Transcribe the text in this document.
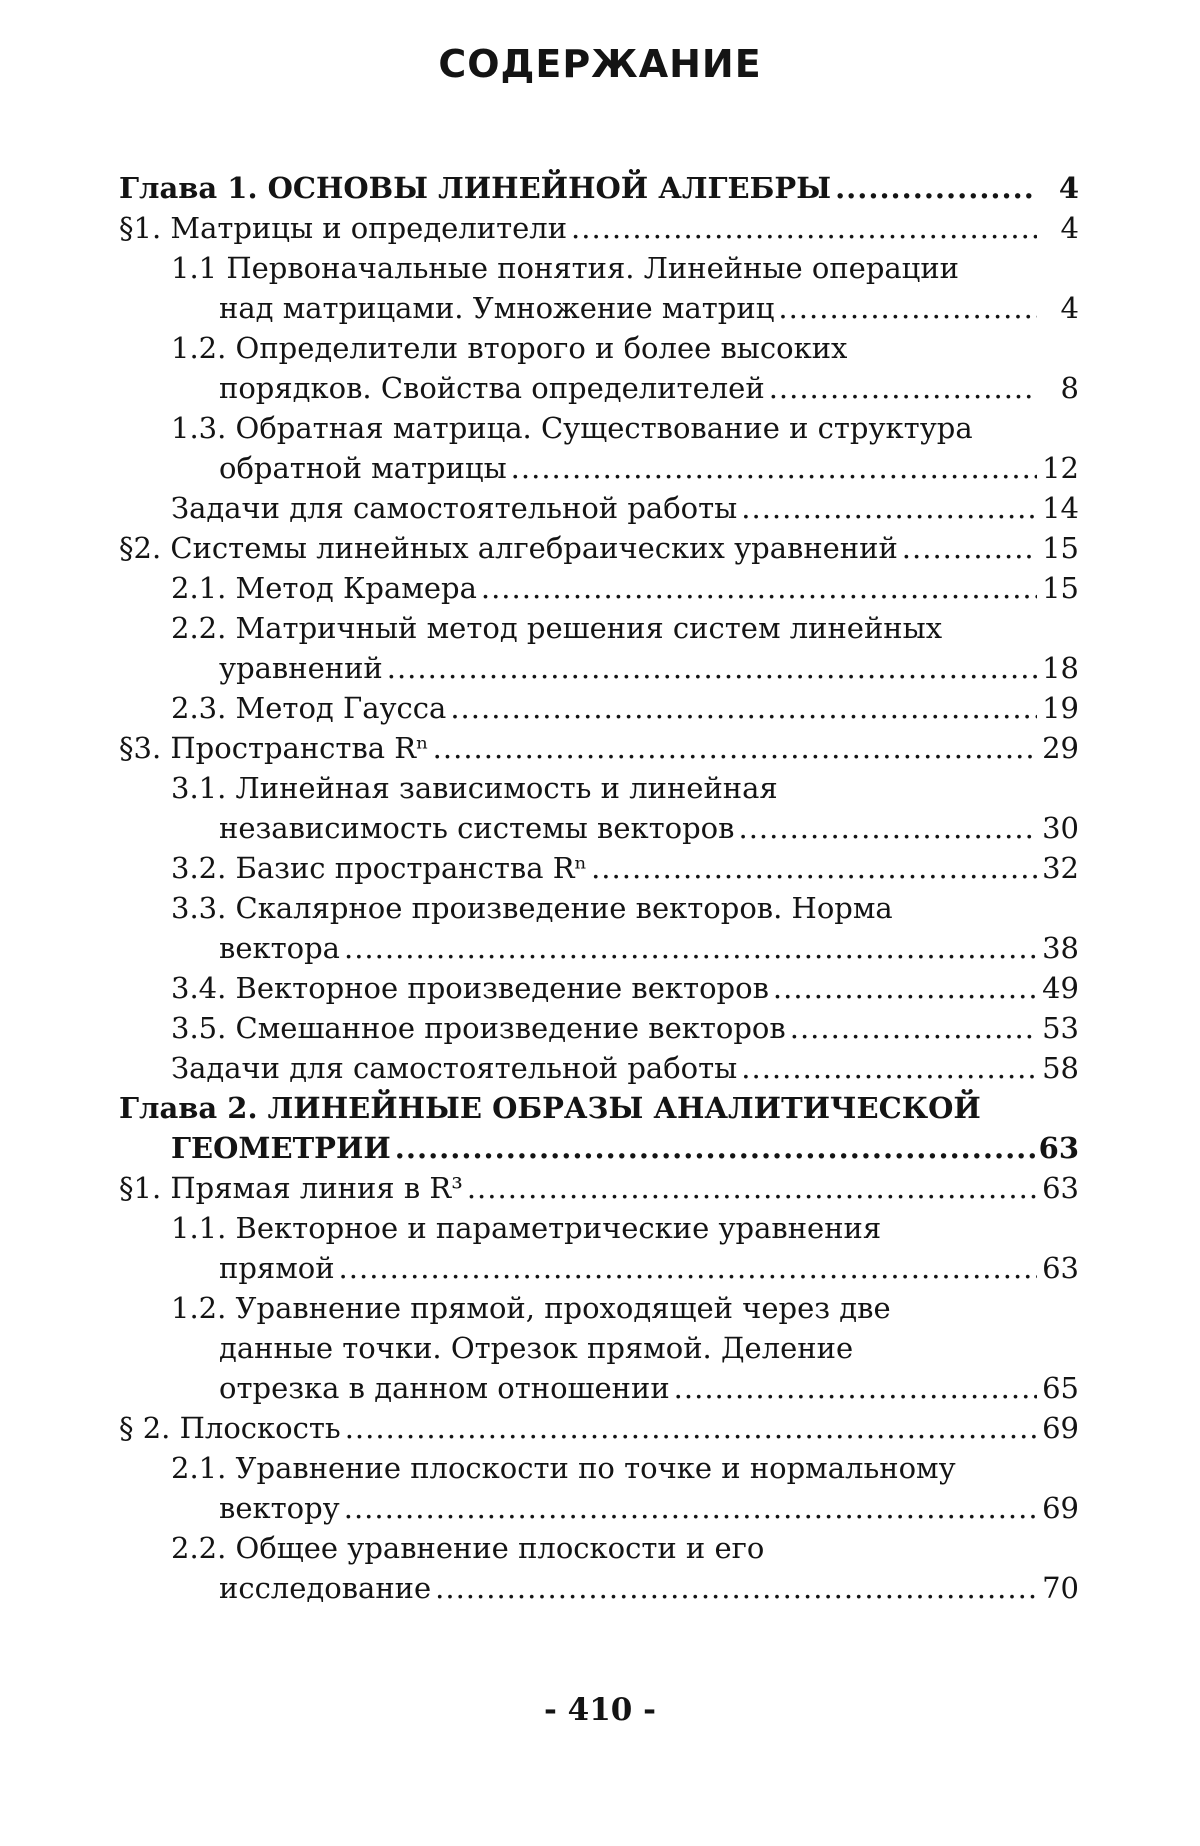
СОДЕРЖАНИЕ
Глава 1. ОСНОВЫ ЛИНЕЙНОЙ АЛГЕБРЫ .....	4
§1. Матрицы и определители .....	4
1.1 Первоначальные понятия. Линейные операции
над матрицами. Умножение матриц .....	4
1.2. Определители второго и более высоких
порядков. Свойства определителей .....	8
1.3. Обратная матрица. Существование и структура
обратной матрицы .....	12
Задачи для самостоятельной работы .....	14
§2. Системы линейных алгебраических уравнений .....	15
2.1. Метод Крамера .....	15
2.2. Матричный метод решения систем линейных
уравнений .....	18
2.3. Метод Гаусса .....	19
§3. Пространства Rⁿ .....	29
3.1. Линейная зависимость и линейная
независимость системы векторов .....	30
3.2. Базис пространства Rⁿ .....	32
3.3. Скалярное произведение векторов. Норма
вектора .....	38
3.4. Векторное произведение векторов .....	49
3.5. Смешанное произведение векторов .....	53
Задачи для самостоятельной работы .....	58
Глава 2. ЛИНЕЙНЫЕ ОБРАЗЫ АНАЛИТИЧЕСКОЙ
ГЕОМЕТРИИ .....	63
§1. Прямая линия в R³ .....	63
1.1. Векторное и параметрические уравнения
прямой .....	63
1.2. Уравнение прямой, проходящей через две
данные точки. Отрезок прямой. Деление
отрезка в данном отношении .....	65
§ 2. Плоскость .....	69
2.1. Уравнение плоскости по точке и нормальному
вектору .....	69
2.2. Общее уравнение плоскости и его
исследование .....	70
- 410 -
